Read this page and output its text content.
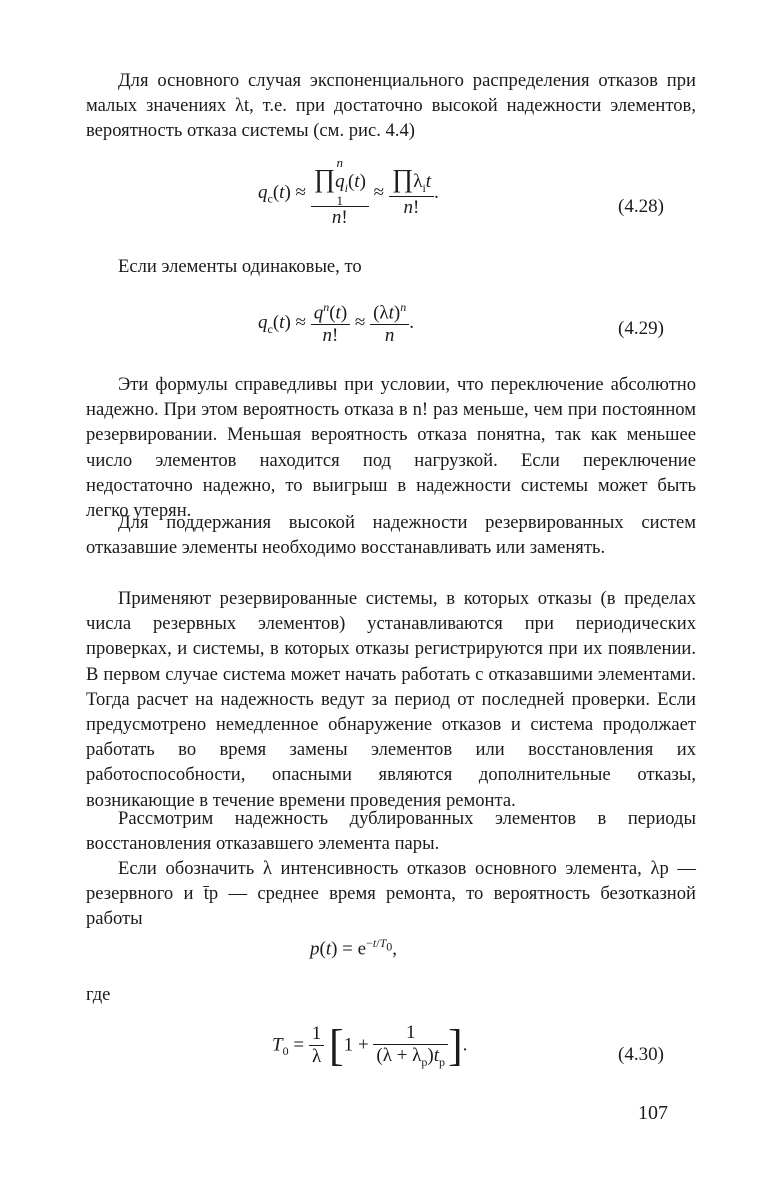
Для основного случая экспоненциального распределения отказов при малых значениях λt, т.е. при достаточно высокой надежности элементов, вероятность отказа системы (см. рис. 4.4)

$q_c(t) \approx n$
$\prod q_i(t)$
1
n! ≈ $\frac{\prod\lambda_it}{n!}$ .
(4.28)

Если элементы одинаковые, то

$q_c(t) \approx \frac{q^n(t)}{n!} \approx \frac{(\lambda t)^n}{n}$ .	(4.29)

Эти формулы справедливы при условии, что переключение абсолютно надежно. При этом вероятность отказа в n! раз меньше, чем при постоянном резервировании. Меньшая вероятность отказа понятна, так как меньшее число элементов находится под нагрузкой. Если переключение недостаточно надежно, то выигрыш в надежности системы может быть легко утерян.

Для поддержания высокой надежности резервированных систем отказавшие элементы необходимо восстанавливать или заменять.

Применяют резервированные системы, в которых отказы (в пределах числа резервных элементов) устанавливаются при периодических проверках, и системы, в которых отказы регистрируются при их появлении. В первом случае система может начать работать с отказавшими элементами. Тогда расчет на надежность ведут за период от последней проверки. Если предусмотрено немедленное обнаружение отказов и система продолжает работать во время замены элементов или восстановления их работоспособности, опасными являются дополнительные отказы, возникающие в течение времени проведения ремонта.

Рассмотрим надежность дублированных элементов в периоды восстановления отказавшего элемента пары.

Если обозначить λ интенсивность отказов основного элемента, λр — резервного и t̄р — среднее время ремонта, то вероятность безотказной работы

$p(t) = e^{-t/T_0}$,

где

$T_0 = \frac{1}{\lambda} [1 + \frac{1}{(\lambda + \lambda_p)\overline{t}_p}$ ].	(4.30)
107
